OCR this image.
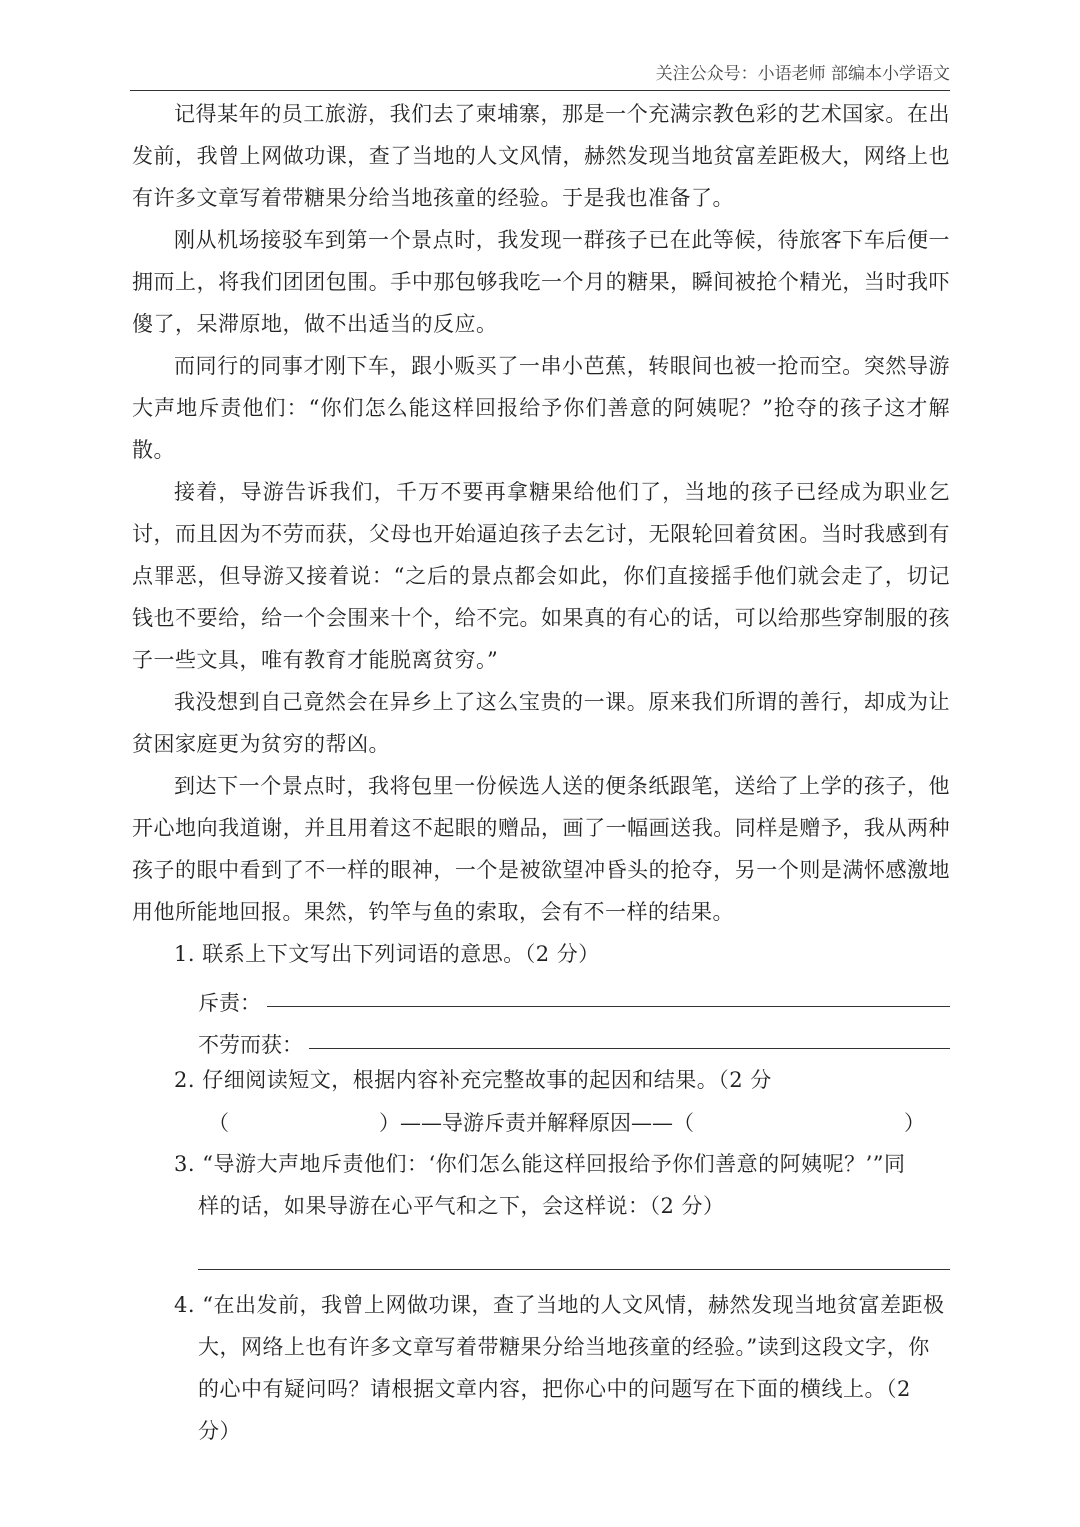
关注公众号：小语老师 部编本小学语文

记得某年的员工旅游，我们去了柬埔寨，那是一个充满宗教色彩的艺术国家。在出发前，我曾上网做功课，查了当地的人文风情，赫然发现当地贫富差距极大，网络上也有许多文章写着带糖果分给当地孩童的经验。于是我也准备了。

刚从机场接驳车到第一个景点时，我发现一群孩子已在此等候，待旅客下车后便一拥而上，将我们团团包围。手中那包够我吃一个月的糖果，瞬间被抢个精光，当时我吓傻了，呆滞原地，做不出适当的反应。

而同行的同事才刚下车，跟小贩买了一串小芭蕉，转眼间也被一抢而空。突然导游大声地斥责他们：“你们怎么能这样回报给予你们善意的阿姨呢？”抢夺的孩子这才解散。

接着，导游告诉我们，千万不要再拿糖果给他们了，当地的孩子已经成为职业乞讨，而且因为不劳而获，父母也开始逼迫孩子去乞讨，无限轮回着贫困。当时我感到有点罪恶，但导游又接着说：“之后的景点都会如此，你们直接摇手他们就会走了，切记钱也不要给，给一个会围来十个，给不完。如果真的有心的话，可以给那些穿制服的孩子一些文具，唯有教育才能脱离贫穷。”

我没想到自己竟然会在异乡上了这么宝贵的一课。原来我们所谓的善行，却成为让贫困家庭更为贫穷的帮凶。

到达下一个景点时，我将包里一份候选人送的便条纸跟笔，送给了上学的孩子，他开心地向我道谢，并且用着这不起眼的赠品，画了一幅画送我。同样是赠予，我从两种孩子的眼中看到了不一样的眼神，一个是被欲望冲昏头的抢夺，另一个则是满怀感激地用他所能地回报。果然，钓竿与鱼的索取，会有不一样的结果。

1. 联系上下文写出下列词语的意思。（2 分）

斥责：
不劳而获：

2. 仔细阅读短文，根据内容补充完整故事的起因和结果。（2 分

（	）——导游斥责并解释原因——（	）

3. “导游大声地斥责他们：‘你们怎么能这样回报给予你们善意的阿姨呢？’”同

样的话，如果导游在心平气和之下，会这样说：（2 分）

4. “在出发前，我曾上网做功课，查了当地的人文风情，赫然发现当地贫富差距极

大，网络上也有许多文章写着带糖果分给当地孩童的经验。”读到这段文字，你

的心中有疑问吗？请根据文章内容，把你心中的问题写在下面的横线上。（2 分）
